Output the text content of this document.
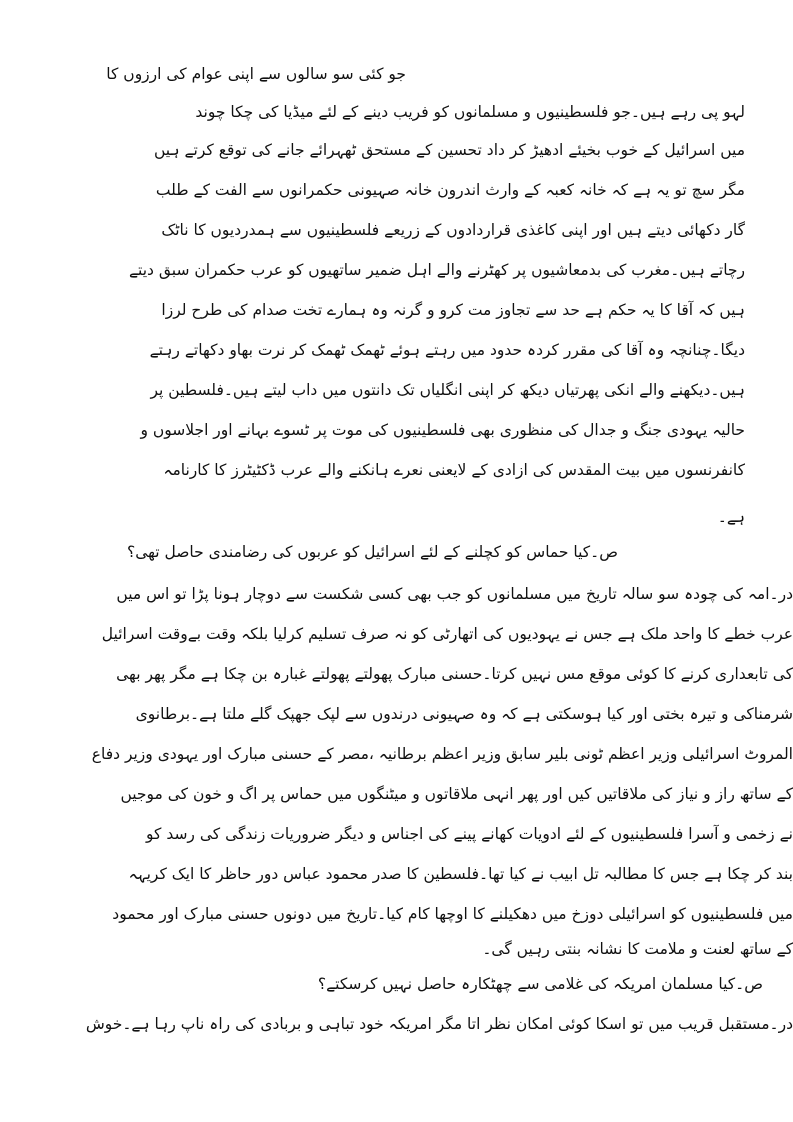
جو کئی سو سالوں سے اپنی عوام کی ارزوں کا
لہو پی رہے ہیں۔جو فلسطینیوں و مسلمانوں کو فریب دینے کے لئے میڈیا کی چکا چوند
میں اسرائیل کے خوب بخیئے ادھیڑ کر داد تحسین کے مستحق ٹھہرائے جانے کی توقع کرتے ہیں
مگر سچ تو یہ ہے کہ خانہ کعبہ کے وارث اندرون خانہ صہیونی حکمرانوں سے الفت کے طلب
گار دکھائی دیتے ہیں اور اپنی کاغذی قراردادوں کے زریعے فلسطینیوں سے ہمدردیوں کا ناٹک
رچاتے ہیں۔مغرب کی بدمعاشیوں پر کھٹرنے والے اہل ضمیر ساتھیوں کو عرب حکمران سبق دیتے
ہیں کہ آقا کا یہ حکم ہے حد سے تجاوز مت کرو و گرنہ وہ ہمارے تخت صدام کی طرح لرزا
دیگا۔چنانچہ وہ آقا کی مقرر کردہ حدود میں رہتے ہوئے ٹھمک ٹھمک کر نرت بھاو دکھاتے رہتے
ہیں۔دیکھنے والے انکی پھرتیاں دیکھ کر اپنی انگلیاں تک دانتوں میں داب لیتے ہیں۔فلسطین پر
حالیہ یہودی جنگ و جدال کی منظوری بھی فلسطینیوں کی موت پر ٹسوے بہانے اور اجلاسوں و
کانفرنسوں میں بیت المقدس کی ازادی کے لایعنی نعرے ہانکنے والے عرب ڈکٹیٹرز کا کارنامہ
ہے۔
ص۔کیا حماس کو کچلنے کے لئے اسرائیل کو عربوں کی رضامندی حاصل تھی؟
در۔امہ کی چودہ سو سالہ تاریخ میں مسلمانوں کو جب بھی کسی شکست سے دوچار ہونا پڑا تو اس میں
عرب خطے کا واحد ملک ہے جس نے یہودیوں کی اتھارٹی کو نہ صرف تسلیم کرلیا بلکہ وقت بےوقت اسرائیل
کی تابعداری کرنے کا کوئی موقع مس نہیں کرتا۔حسنی مبارک پھولتے پھولتے غبارہ بن چکا ہے مگر پھر بھی
شرمناکی و تیرہ بختی اور کیا ہوسکتی ہے کہ وہ صہیونی درندوں سے لپک جھپک گلے ملتا ہے۔برطانوی
المروٹ اسرائیلی وزیر اعظم ٹونی بلیر سابق وزیر اعظم برطانیہ ،مصر کے حسنی مبارک اور یہودی وزیر دفاع
کے ساتھ راز و نیاز کی ملاقاتیں کیں اور پھر انہی ملاقاتوں و میٹنگوں میں حماس پر اگ و خون کی موجیں
نے زخمی و آسرا فلسطینیوں کے لئے ادویات کھانے پینے کی اجناس و دیگر ضروریات زندگی کی رسد کو
بند کر چکا ہے جس کا مطالبہ تل ابیب نے کیا تھا۔فلسطین کا صدر محمود عباس دور حاظر کا ایک کریہہ
میں فلسطینیوں کو اسرائیلی دوزخ میں دھکیلنے کا اوچھا کام کیا۔تاریخ میں دونوں حسنی مبارک اور محمود
کے ساتھ لعنت و ملامت کا نشانہ بنتی رہیں گی۔
ص۔کیا مسلمان امریکہ کی غلامی سے چھٹکارہ حاصل نہیں کرسکتے؟
در۔مستقبل قریب میں تو اسکا کوئی امکان نظر اتا مگر امریکہ خود تباہی و بربادی کی راہ ناپ رہا ہے۔خوش
